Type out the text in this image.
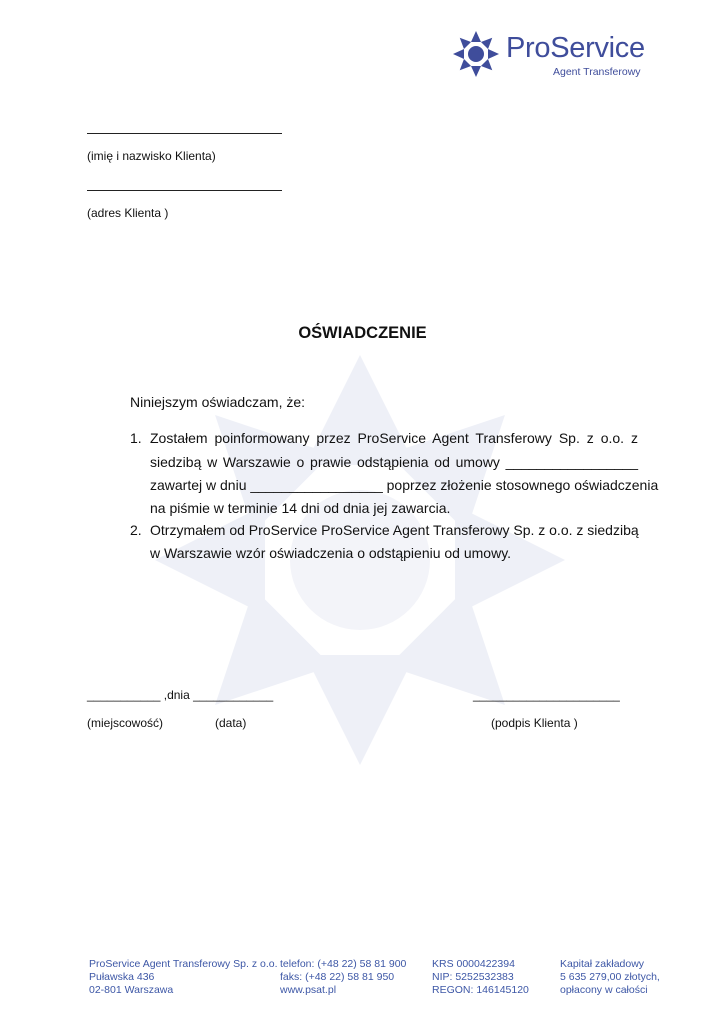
ProService
Agent Transferowy
(imię i nazwisko Klienta)
(adres Klienta )
OŚWIADCZENIE
Niniejszym oświadczam, że:
1. Zostałem poinformowany przez ProService Agent Transferowy Sp. z o.o. z
siedzibą w Warszawie o prawie odstąpienia od umowy _________________
zawartej w dniu _________________ poprzez złożenie stosownego oświadczenia
na piśmie w terminie 14 dni od dnia jej zawarcia.
2. Otrzymałem od ProService ProService Agent Transferowy Sp. z o.o. z siedzibą
w Warszawie wzór oświadczenia o odstąpieniu od umowy.
___________ ,dnia ____________	______________________
(miejscowość)	(data)	(podpis Klienta )
ProService Agent Transferowy Sp. z o.o.
Puławska 436
02-801 Warszawa
telefon: (+48 22) 58 81 900
faks: (+48 22) 58 81 950
www.psat.pl
KRS 0000422394
NIP: 5252532383
REGON: 146145120
Kapitał zakładowy
5 635 279,00 złotych,
opłacony w całości
